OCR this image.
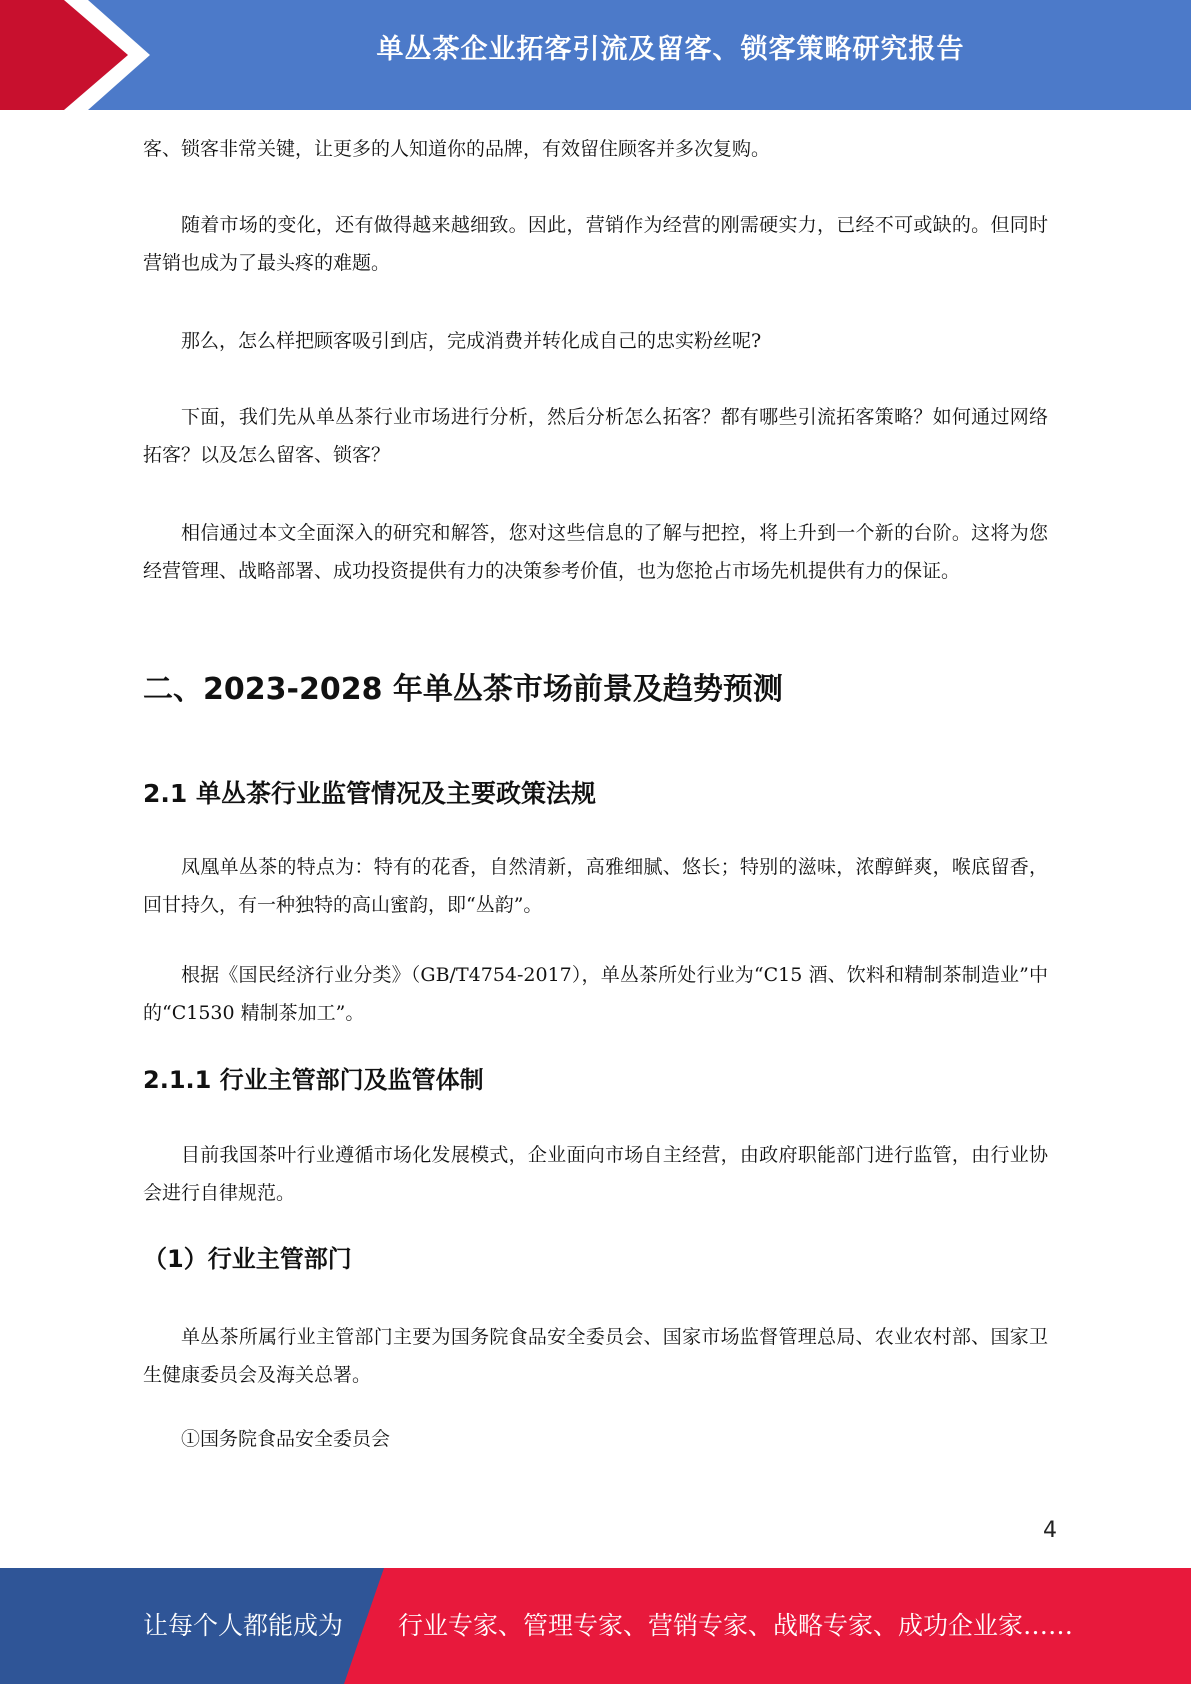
单丛茶企业拓客引流及留客、锁客策略研究报告

客、锁客非常关键，让更多的人知道你的品牌，有效留住顾客并多次复购。

随着市场的变化，还有做得越来越细致。因此，营销作为经营的刚需硬实力，已经不可或缺的。但同时营销也成为了最头疼的难题。

那么，怎么样把顾客吸引到店，完成消费并转化成自己的忠实粉丝呢?

下面，我们先从单丛茶行业市场进行分析，然后分析怎么拓客？都有哪些引流拓客策略？如何通过网络拓客？以及怎么留客、锁客？

相信通过本文全面深入的研究和解答，您对这些信息的了解与把控，将上升到一个新的台阶。这将为您经营管理、战略部署、成功投资提供有力的决策参考价值，也为您抢占市场先机提供有力的保证。

二、2023-2028 年单丛茶市场前景及趋势预测
2.1 单丛茶行业监管情况及主要政策法规

凤凰单丛茶的特点为：特有的花香，自然清新，高雅细腻、悠长；特别的滋味，浓醇鲜爽，喉底留香，回甘持久，有一种独特的高山蜜韵，即“丛韵”。

根据《国民经济行业分类》（GB/T4754-2017），单丛茶所处行业为“C15 酒、饮料和精制茶制造业”中的“C1530 精制茶加工”。

2.1.1 行业主管部门及监管体制

目前我国茶叶行业遵循市场化发展模式，企业面向市场自主经营，由政府职能部门进行监管，由行业协会进行自律规范。

（1）行业主管部门

单丛茶所属行业主管部门主要为国务院食品安全委员会、国家市场监督管理总局、农业农村部、国家卫生健康委员会及海关总署。

①国务院食品安全委员会

4
让每个人都能成为 行业专家、管理专家、营销专家、战略专家、成功企业家……
